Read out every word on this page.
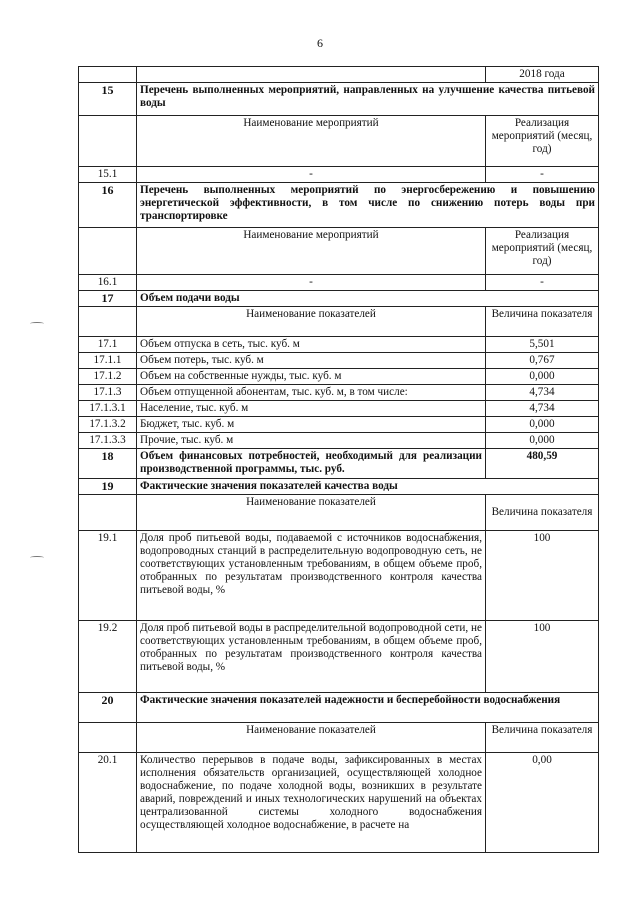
6
		2018 года
15	Перечень выполненных мероприятий, направленных на улучшение качества питьевой воды	
	Наименование мероприятий	Реализация мероприятий (месяц, год)
15.1	-	-
16	Перечень выполненных мероприятий по энергосбережению и повышению энергетической эффективности, в том числе по снижению потерь воды при транспортировке	
	Наименование мероприятий	Реализация мероприятий (месяц, год)
16.1	-	-
17	Объем подачи воды	
	Наименование показателей	Величина показателя
17.1	Объем отпуска в сеть, тыс. куб. м	5,501
17.1.1	Объем потерь, тыс. куб. м	0,767
17.1.2	Объем на собственные нужды, тыс. куб. м	0,000
17.1.3	Объем отпущенной абонентам, тыс. куб. м, в том числе:	4,734
17.1.3.1	Население, тыс. куб. м	4,734
17.1.3.2	Бюджет, тыс. куб. м	0,000
17.1.3.3	Прочие, тыс. куб. м	0,000
18	Объем финансовых потребностей, необходимый для реализации производственной программы, тыс. руб.	480,59
19	Фактические значения показателей качества воды	
	Наименование показателей	Величина показателя
19.1	Доля проб питьевой воды, подаваемой с источников водоснабжения, водопроводных станций в распределительную водопроводную сеть, не соответствующих установленным требованиям, в общем объеме проб, отобранных по результатам производственного контроля качества питьевой воды, %	100
19.2	Доля проб питьевой воды в распределительной водопроводной сети, не соответствующих установленным требованиям, в общем объеме проб, отобранных по результатам производственного контроля качества питьевой воды, %	100
20	Фактические значения показателей надежности и бесперебойности водоснабжения	
	Наименование показателей	Величина показателя
20.1	Количество перерывов в подаче воды, зафиксированных в местах исполнения обязательств организацией, осуществляющей холодное водоснабжение, по подаче холодной воды, возникших в результате аварий, повреждений и иных технологических нарушений на объектах централизованной системы холодного водоснабжения осуществляющей холодное водоснабжение, в расчете на	0,00
